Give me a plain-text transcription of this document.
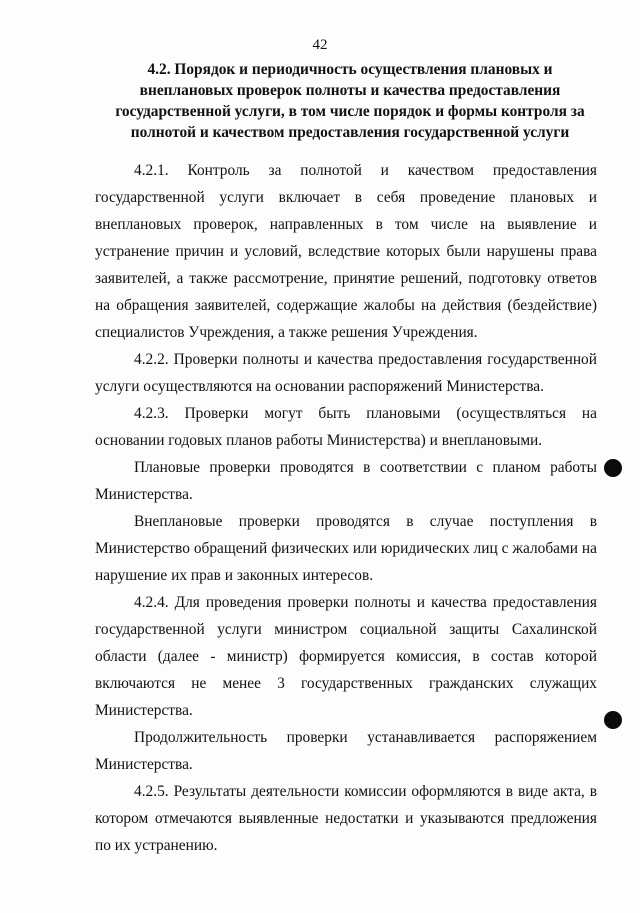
42
4.2. Порядок и периодичность осуществления плановых и
внеплановых проверок полноты и качества предоставления
государственной услуги, в том числе порядок и формы контроля за
полнотой и качеством предоставления государственной услуги

4.2.1. Контроль за полнотой и качеством предоставления государственной услуги включает в себя проведение плановых и внеплановых проверок, направленных в том числе на выявление и устранение причин и условий, вследствие которых были нарушены права заявителей, а также рассмотрение, принятие решений, подготовку ответов на обращения заявителей, содержащие жалобы на действия (бездействие) специалистов Учреждения, а также решения Учреждения.

4.2.2. Проверки полноты и качества предоставления государственной услуги осуществляются на основании распоряжений Министерства.

4.2.3. Проверки могут быть плановыми (осуществляться на основании годовых планов работы Министерства) и внеплановыми.

Плановые проверки проводятся в соответствии с планом работы Министерства.

Внеплановые проверки проводятся в случае поступления в Министерство обращений физических или юридических лиц с жалобами на нарушение их прав и законных интересов.

4.2.4. Для проведения проверки полноты и качества предоставления государственной услуги министром социальной защиты Сахалинской области (далее - министр) формируется комиссия, в состав которой включаются не менее 3 государственных гражданских служащих Министерства.

Продолжительность проверки устанавливается распоряжением Министерства.

4.2.5. Результаты деятельности комиссии оформляются в виде акта, в котором отмечаются выявленные недостатки и указываются предложения по их устранению.
